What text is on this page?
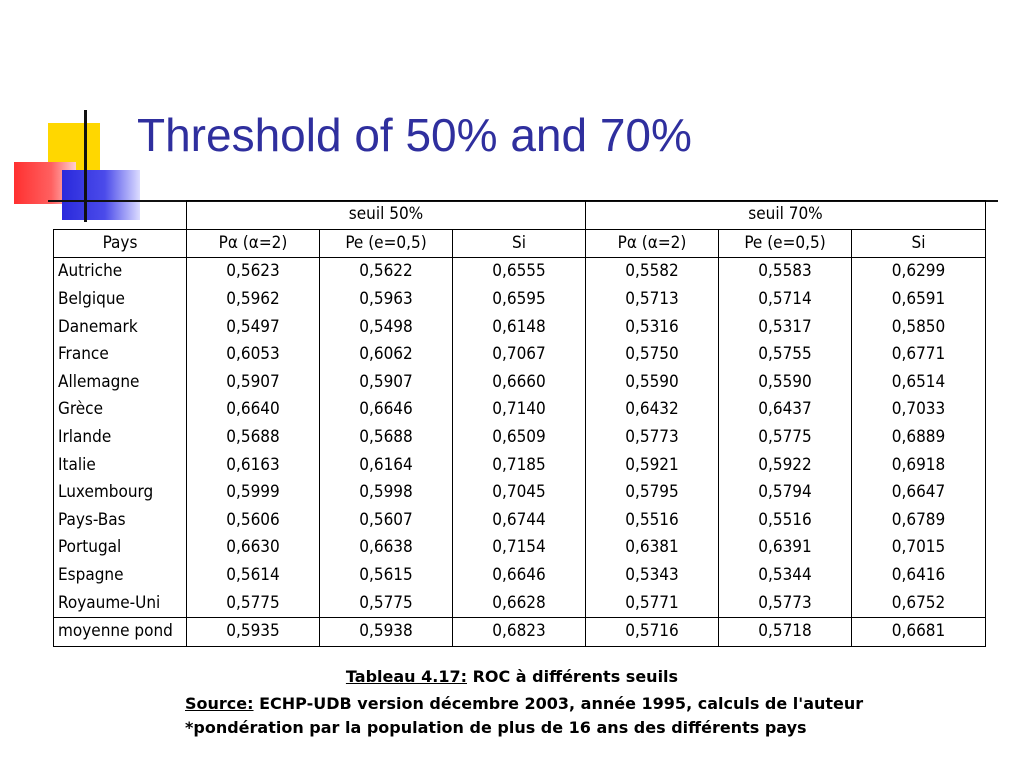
Threshold of 50% and 70%
	seuil 50%			seuil 70%		
Pays	Pα (α=2)	Pe (e=0,5)	Si	Pα (α=2)	Pe (e=0,5)	Si
Autriche	0,5623	0,5622	0,6555	0,5582	0,5583	0,6299
Belgique	0,5962	0,5963	0,6595	0,5713	0,5714	0,6591
Danemark	0,5497	0,5498	0,6148	0,5316	0,5317	0,5850
France	0,6053	0,6062	0,7067	0,5750	0,5755	0,6771
Allemagne	0,5907	0,5907	0,6660	0,5590	0,5590	0,6514
Grèce	0,6640	0,6646	0,7140	0,6432	0,6437	0,7033
Irlande	0,5688	0,5688	0,6509	0,5773	0,5775	0,6889
Italie	0,6163	0,6164	0,7185	0,5921	0,5922	0,6918
Luxembourg	0,5999	0,5998	0,7045	0,5795	0,5794	0,6647
Pays-Bas	0,5606	0,5607	0,6744	0,5516	0,5516	0,6789
Portugal	0,6630	0,6638	0,7154	0,6381	0,6391	0,7015
Espagne	0,5614	0,5615	0,6646	0,5343	0,5344	0,6416
Royaume-Uni	0,5775	0,5775	0,6628	0,5771	0,5773	0,6752
moyenne pond	0,5935	0,5938	0,6823	0,5716	0,5718	0,6681
Tableau 4.17: ROC à différents seuils
Source: ECHP-UDB version décembre 2003, année 1995, calculs de l'auteur
*pondération par la population de plus de 16 ans des différents pays
